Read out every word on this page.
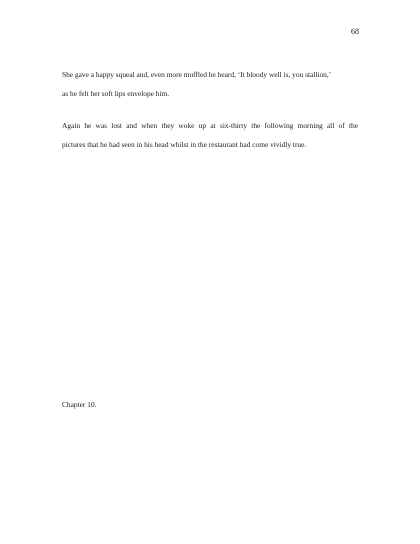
68
She gave a happy squeal and, even more muffled he heard, ‘It bloody well is, you stallion,’
as he felt her soft lips envelope him.
Again he was lost and when they woke up at six-thirty the following morning all of the
pictures that he had seen in his head whilst in the restaurant had come vividly true.
Chapter 10.
